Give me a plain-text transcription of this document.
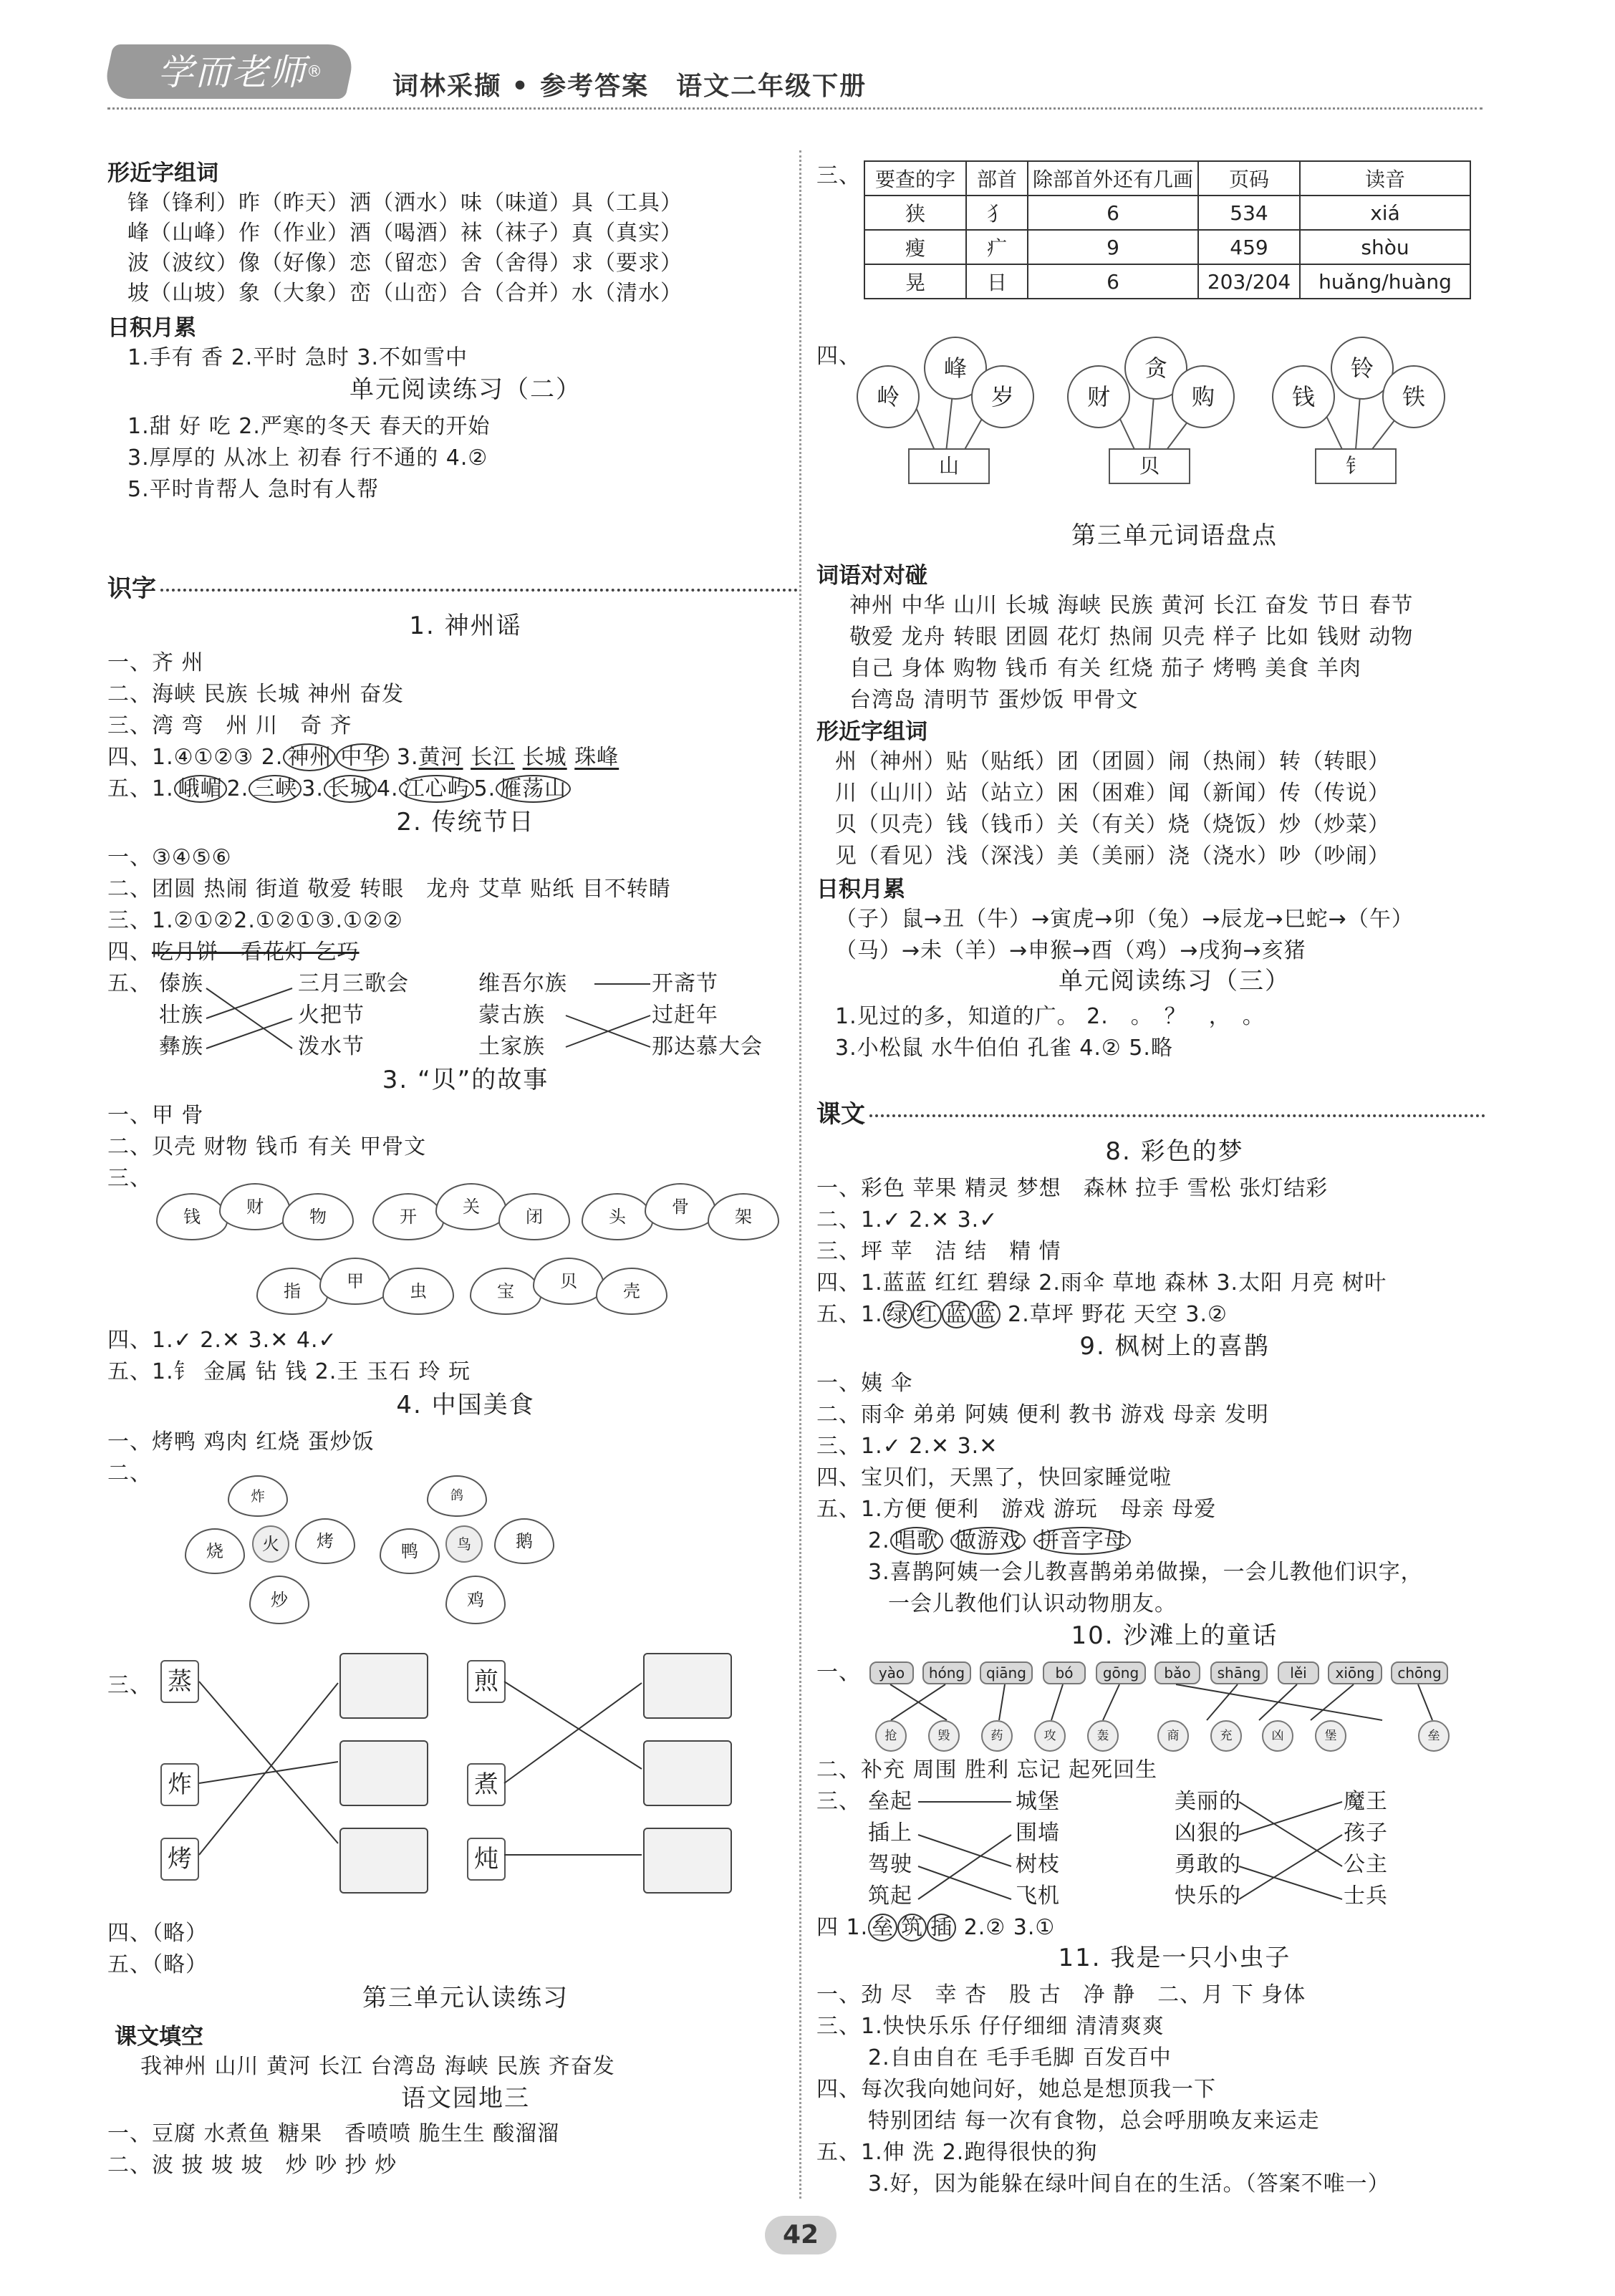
学而老师®	词林采撷 • 参考答案　语文二年级下册
形近字组词
锋（锋利）昨（昨天）洒（洒水）味（味道）具（工具）
峰（山峰）作（作业）酒（喝酒）袜（袜子）真（真实）
波（波纹）像（好像）恋（留恋）舍（舍得）求（要求）
坡（山坡）象（大象）峦（山峦）合（合并）水（清水）
日积月累
1.手有 香 2.平时 急时 3.不如雪中
单元阅读练习（二）
1.甜 好 吃 2.严寒的冬天 春天的开始
3.厚厚的 从冰上 初春 行不通的 4.②
5.平时肯帮人 急时有人帮
识字
1. 神州谣
一、齐 州
二、海峡 民族 长城 神州 奋发
三、湾 弯　州 川　奇 齐
四、1.④①②③ 2. 神州 中华 3.黄河 长江 长城 珠峰
五、1. 峨嵋 2. 三峡 3. 长城 4. 江心屿 5. 雁荡山
2. 传统节日
一、③④⑤⑥
二、团圆 热闹 街道 敬爱 转眼　龙舟 艾草 贴纸 目不转睛
三、1.②①②2.①②①③.①②②
四、吃月饼　看花灯 乞巧
五、 傣族
壮族
彝族
三月三歌会
火把节
泼水节
维吾尔族
蒙古族
土家族
开斋节
过赶年
那达慕大会
3. “贝”的故事
一、甲 骨
二、贝壳 财物 钱币 有关 甲骨文
三、
钱	财	物	开	关	闭	头	骨	架
指	甲	虫	宝	贝	壳
四、1.✓ 2.✕ 3.✕ 4.✓
五、1.钅 金属 钻 钱 2.王 玉石 玲 玩
4. 中国美食
一、烤鸭 鸡肉 红烧 蛋炒饭
二、
火
炸
烤
炒
烧	鸟
鸽
鹅
鸡
鸭
三、 蒸
炸
烤
煎
煮
炖
四、（略）
五、（略）
第三单元认读练习
课文填空
我神州 山川 黄河 长江 台湾岛 海峡 民族 齐奋发
语文园地三
一、豆腐 水煮鱼 糖果　香喷喷 脆生生 酸溜溜
二、波 披 坡 坡　炒 吵 抄 炒
三、 要查的字	部首	除部首外还有几画	页码	读音
狭	犭	6	534	xiá
瘦	疒	9	459	shòu
晃	日	6	203/204	huǎng/huàng
四、	峰
岭	岁
山
贪
财	购
贝
铃
钱	铁
钅
第三单元词语盘点
词语对对碰
神州 中华 山川 长城 海峡 民族 黄河 长江 奋发 节日 春节
敬爱 龙舟 转眼 团圆 花灯 热闹 贝壳 样子 比如 钱财 动物
自己 身体 购物 钱币 有关 红烧 茄子 烤鸭 美食 羊肉
台湾岛 清明节 蛋炒饭 甲骨文
形近字组词
州（神州）贴（贴纸）团（团圆）闹（热闹）转（转眼）
川（山川）站（站立）困（困难）闻（新闻）传（传说）
贝（贝壳）钱（钱币）关（有关）烧（烧饭）炒（炒菜）
见（看见）浅（深浅）美（美丽）浇（浇水）吵（吵闹）
日积月累
（子）鼠→丑（牛）→寅虎→卯（兔）→辰龙→巳蛇→（午）
（马）→未（羊）→申猴→酉（鸡）→戌狗→亥猪
单元阅读练习（三）
1.见过的多，知道的广。 2.　。　？　，　。
3.小松鼠 水牛伯伯 孔雀 4.② 5.略
课文
8. 彩色的梦
一、彩色 苹果 精灵 梦想　森林 拉手 雪松 张灯结彩
二、1.✓ 2.✕ 3.✓
三、坪 苹　洁 结　精 情
四、1.蓝蓝 红红 碧绿 2.雨伞 草地 森林 3.太阳 月亮 树叶
五、1. 绿 红 蓝 蓝 2.草坪 野花 天空 3.②
9. 枫树上的喜鹊
一、姨 伞
二、雨伞 弟弟 阿姨 便利 教书 游戏 母亲 发明
三、1.✓ 2.✕ 3.✕
四、宝贝们，天黑了，快回家睡觉啦
五、1.方便 便利　游戏 游玩　母亲 母爱
2. 唱歌 做游戏 拼音字母
3.喜鹊阿姨一会儿教喜鹊弟弟做操，一会儿教他们识字，
一会儿教他们认识动物朋友。
10. 沙滩上的童话
一、	yào	hóng	qiāng	bó	gōng	bǎo	shāng	lěi	xiōng	chōng
抢	毁	药	攻	轰	商	充	凶	堡	垒
二、补充 周围 胜利 忘记 起死回生
三、 垒起
插上
驾驶
筑起
城堡
围墙
树枝
飞机
美丽的
凶狠的
勇敢的
快乐的
魔王
孩子
公主
士兵
四 1. 垒 筑 插 2.② 3.①
11. 我是一只小虫子
一、劲 尽　幸 杏　股 古　净 静　二、月 下 身体
三、1.快快乐乐 仔仔细细 清清爽爽
2.自由自在 毛手毛脚 百发百中
四、每次我向她问好，她总是想顶我一下
特别团结 每一次有食物，总会呼朋唤友来运走
五、1.伸 洗 2.跑得很快的狗
3.好，因为能躲在绿叶间自在的生活。（答案不唯一）
42
